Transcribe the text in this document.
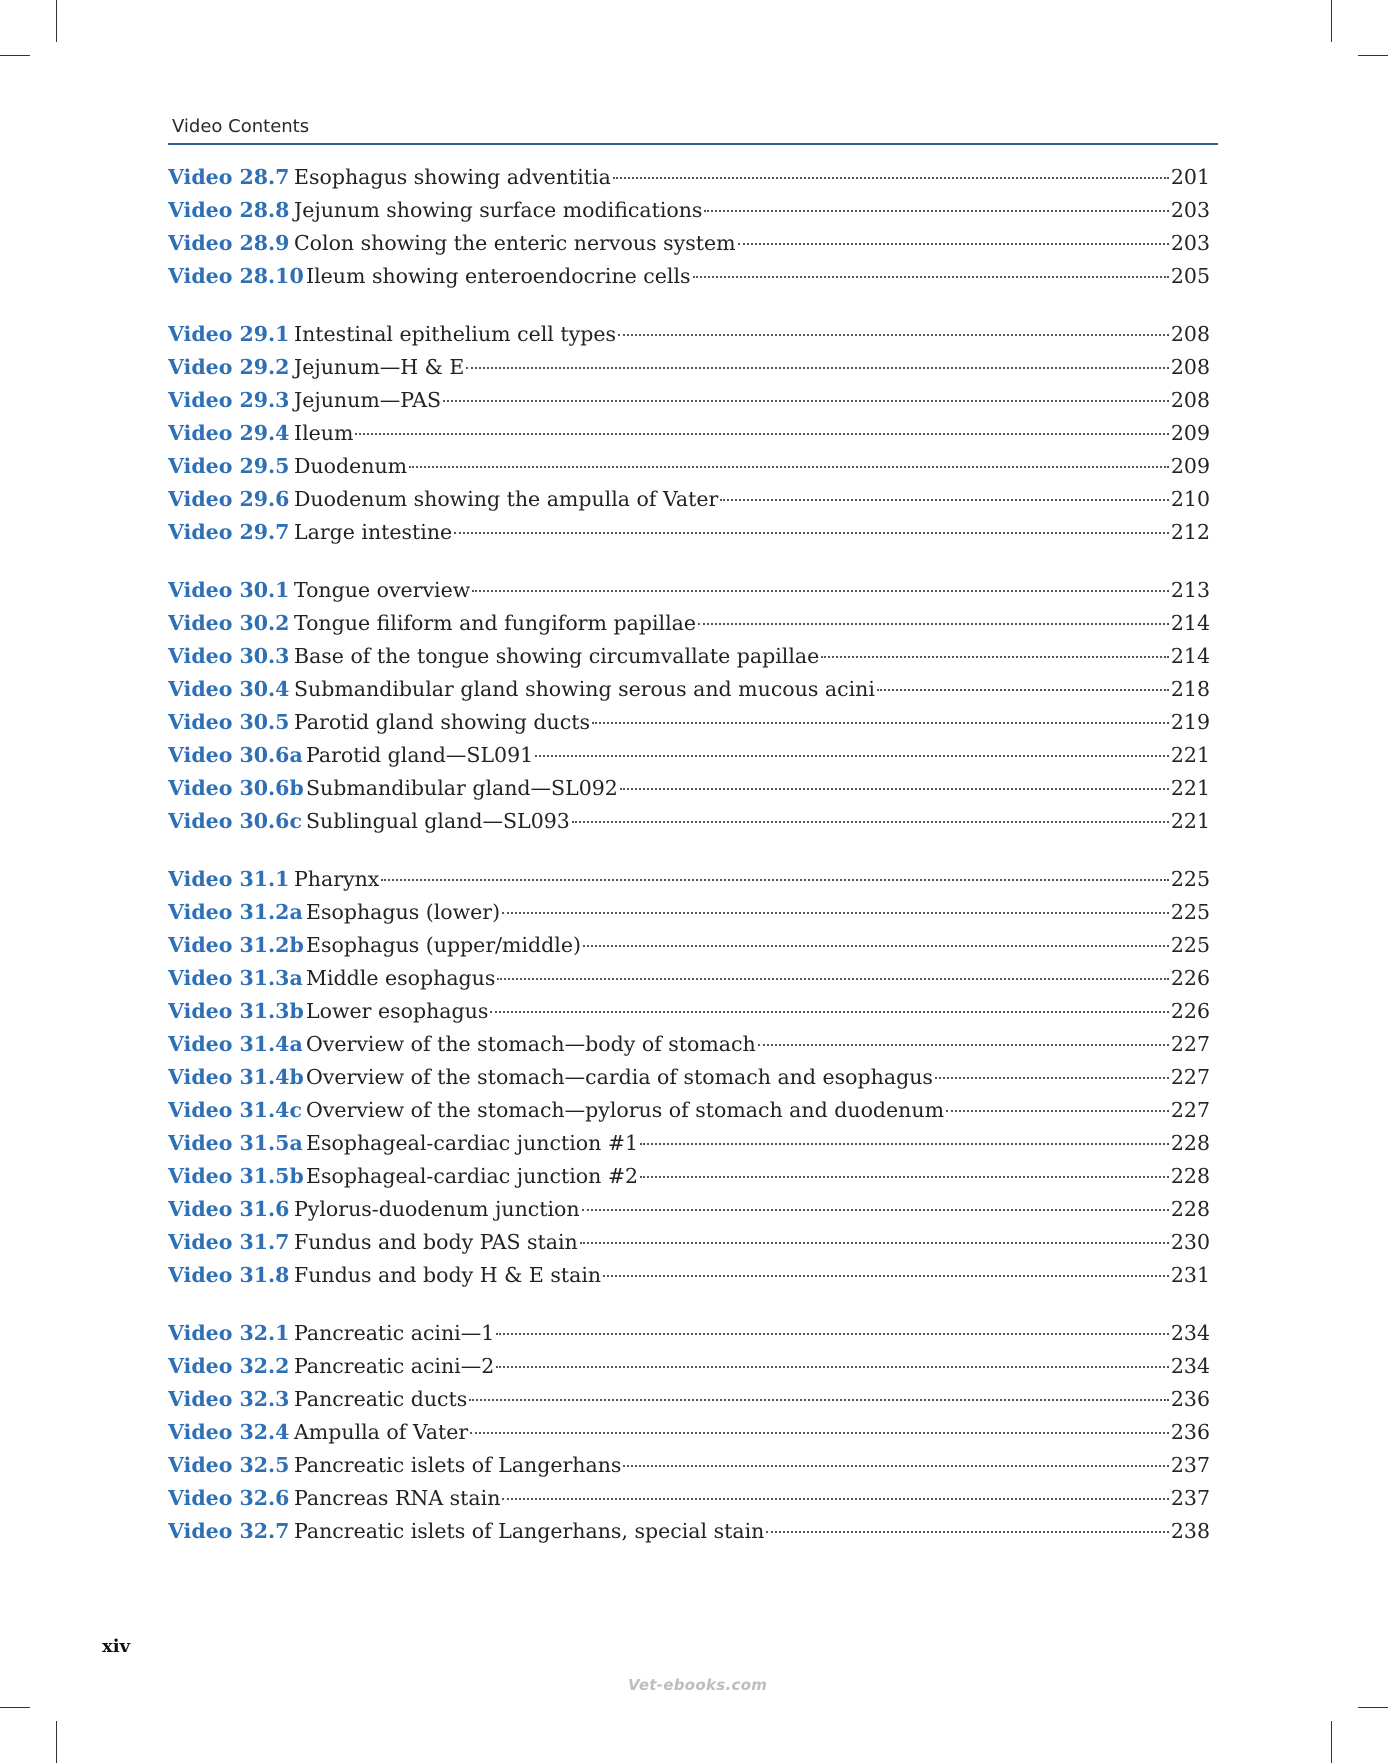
Video Contents
Video 28.7 Esophagus showing adventitia	201
Video 28.8 Jejunum showing surface modifications	203
Video 28.9 Colon showing the enteric nervous system	203
Video 28.10 Ileum showing enteroendocrine cells	205
Video 29.1 Intestinal epithelium cell types	208
Video 29.2 Jejunum—H & E	208
Video 29.3 Jejunum—PAS	208
Video 29.4 Ileum	209
Video 29.5 Duodenum	209
Video 29.6 Duodenum showing the ampulla of Vater	210
Video 29.7 Large intestine	212
Video 30.1 Tongue overview	213
Video 30.2 Tongue filiform and fungiform papillae	214
Video 30.3 Base of the tongue showing circumvallate papillae	214
Video 30.4 Submandibular gland showing serous and mucous acini	218
Video 30.5 Parotid gland showing ducts	219
Video 30.6a Parotid gland—SL091	221
Video 30.6b Submandibular gland—SL092	221
Video 30.6c Sublingual gland—SL093	221
Video 31.1 Pharynx	225
Video 31.2a Esophagus (lower)	225
Video 31.2b Esophagus (upper/middle)	225
Video 31.3a Middle esophagus	226
Video 31.3b Lower esophagus	226
Video 31.4a Overview of the stomach—body of stomach	227
Video 31.4b Overview of the stomach—cardia of stomach and esophagus	227
Video 31.4c Overview of the stomach—pylorus of stomach and duodenum	227
Video 31.5a Esophageal-cardiac junction #1	228
Video 31.5b Esophageal-cardiac junction #2	228
Video 31.6 Pylorus-duodenum junction	228
Video 31.7 Fundus and body PAS stain	230
Video 31.8 Fundus and body H & E stain	231
Video 32.1 Pancreatic acini—1	234
Video 32.2 Pancreatic acini—2	234
Video 32.3 Pancreatic ducts	236
Video 32.4 Ampulla of Vater	236
Video 32.5 Pancreatic islets of Langerhans	237
Video 32.6 Pancreas RNA stain	237
Video 32.7 Pancreatic islets of Langerhans, special stain	238
xiv
Vet-ebooks.com
